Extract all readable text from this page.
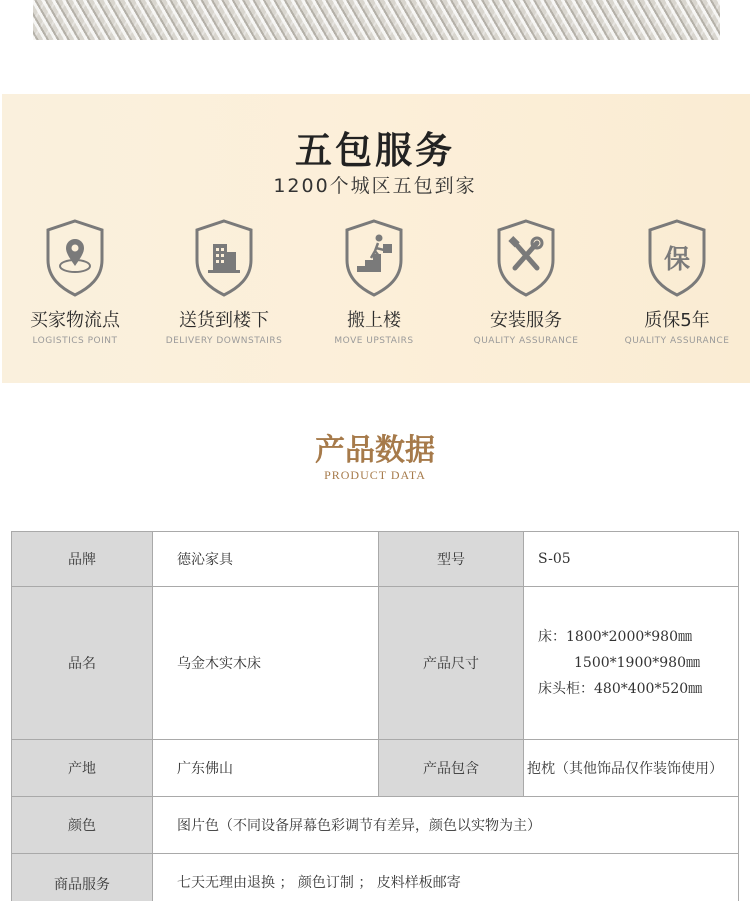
五包服务
1200个城区五包到家
买家物流点
LOGISTICS POINT
送货到楼下
DELIVERY DOWNSTAIRS
搬上楼
MOVE UPSTAIRS
安装服务
QUALITY ASSURANCE
保
质保5年
QUALITY ASSURANCE
产品数据
PRODUCT DATA
品牌	德沁家具	型号	S-05
品名	乌金木实木床	产品尺寸	床：1800*2000*980㎜
1500*1900*980㎜
床头柜：480*400*520㎜

产地	广东佛山	产品包含	抱枕（其他饰品仅作装饰使用）
颜色	图片色（不同设备屏幕色彩调节有差异，颜色以实物为主）		
商品服务	七天无理由退换 ； 颜色订制 ； 皮料样板邮寄		
